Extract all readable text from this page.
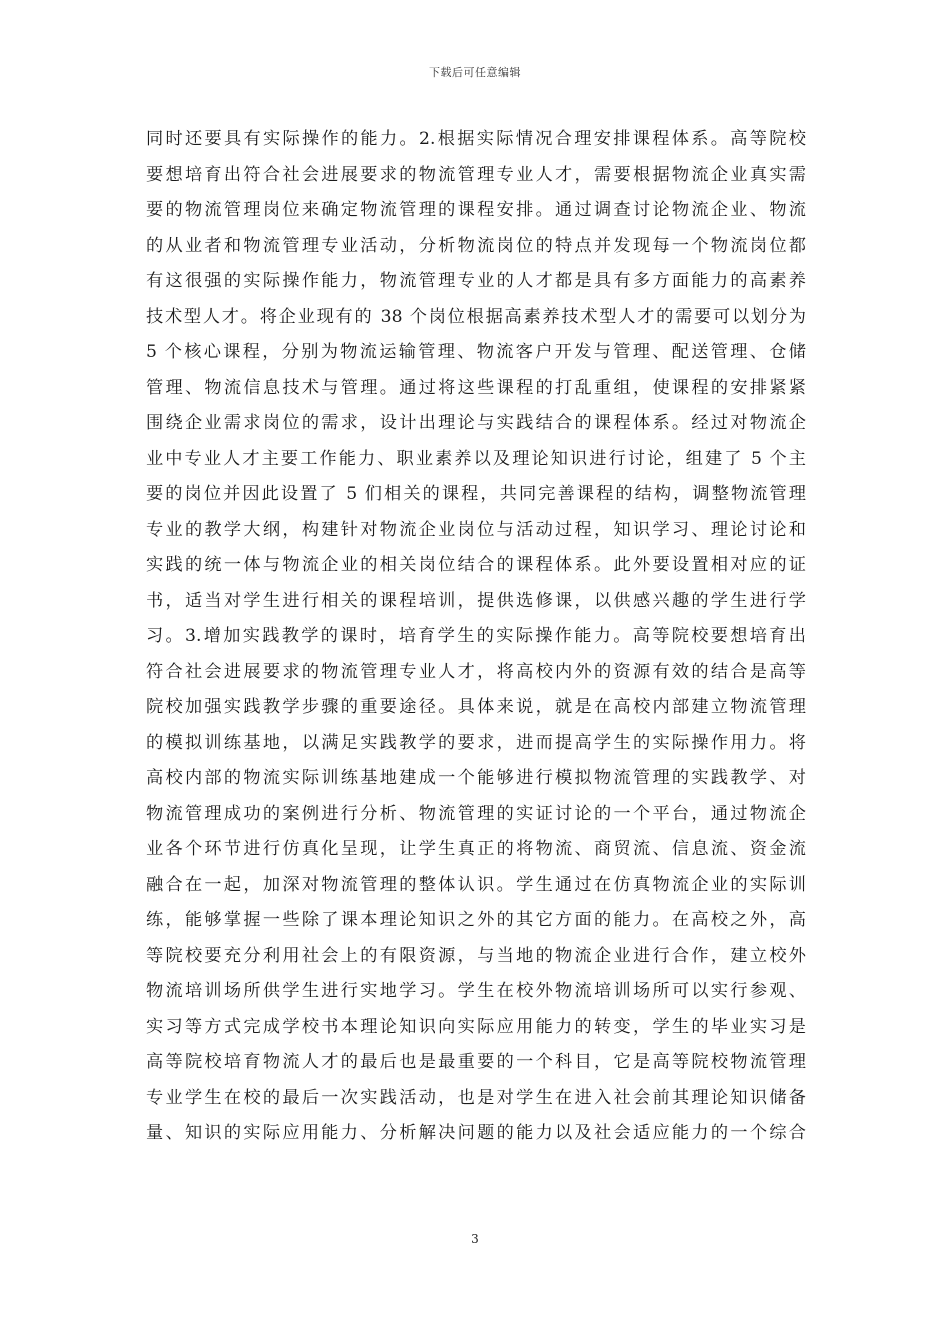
下载后可任意编辑
同时还要具有实际操作的能力。2.根据实际情况合理安排课程体系。高等院校
要想培育出符合社会进展要求的物流管理专业人才，需要根据物流企业真实需
要的物流管理岗位来确定物流管理的课程安排。通过调查讨论物流企业、物流
的从业者和物流管理专业活动，分析物流岗位的特点并发现每一个物流岗位都
有这很强的实际操作能力，物流管理专业的人才都是具有多方面能力的高素养
技术型人才。将企业现有的 38 个岗位根据高素养技术型人才的需要可以划分为
5 个核心课程，分别为物流运输管理、物流客户开发与管理、配送管理、仓储
管理、物流信息技术与管理。通过将这些课程的打乱重组，使课程的安排紧紧
围绕企业需求岗位的需求，设计出理论与实践结合的课程体系。经过对物流企
业中专业人才主要工作能力、职业素养以及理论知识进行讨论，组建了 5 个主
要的岗位并因此设置了 5 们相关的课程，共同完善课程的结构，调整物流管理
专业的教学大纲，构建针对物流企业岗位与活动过程，知识学习、理论讨论和
实践的统一体与物流企业的相关岗位结合的课程体系。此外要设置相对应的证
书，适当对学生进行相关的课程培训，提供选修课，以供感兴趣的学生进行学
习。3.增加实践教学的课时，培育学生的实际操作能力。高等院校要想培育出
符合社会进展要求的物流管理专业人才，将高校内外的资源有效的结合是高等
院校加强实践教学步骤的重要途径。具体来说，就是在高校内部建立物流管理
的模拟训练基地，以满足实践教学的要求，进而提高学生的实际操作用力。将
高校内部的物流实际训练基地建成一个能够进行模拟物流管理的实践教学、对
物流管理成功的案例进行分析、物流管理的实证讨论的一个平台，通过物流企
业各个环节进行仿真化呈现，让学生真正的将物流、商贸流、信息流、资金流
融合在一起，加深对物流管理的整体认识。学生通过在仿真物流企业的实际训
练，能够掌握一些除了课本理论知识之外的其它方面的能力。在高校之外，高
等院校要充分利用社会上的有限资源，与当地的物流企业进行合作，建立校外
物流培训场所供学生进行实地学习。学生在校外物流培训场所可以实行参观、
实习等方式完成学校书本理论知识向实际应用能力的转变，学生的毕业实习是
高等院校培育物流人才的最后也是最重要的一个科目，它是高等院校物流管理
专业学生在校的最后一次实践活动，也是对学生在进入社会前其理论知识储备
量、知识的实际应用能力、分析解决问题的能力以及社会适应能力的一个综合
3
